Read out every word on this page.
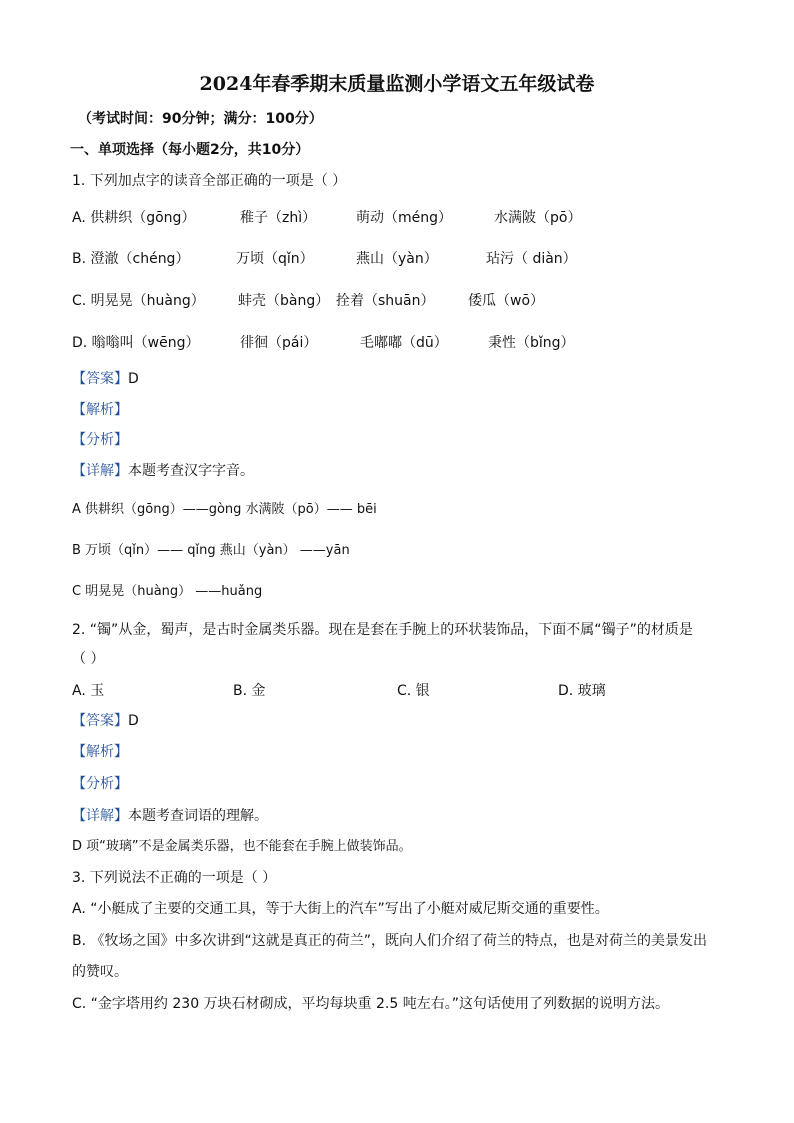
2024年春季期末质量监测小学语文五年级试卷
（考试时间：90分钟；满分：100分）
一、单项选择（每小题2分，共10分）
1. 下列加点字的读音全部正确的一项是（ ）
A. 供耕织（gōng）	稚子（zhì）	萌动（méng）	水满陂（pō）
B. 澄澈（chéng）	万顷（qǐn）	燕山（yàn）	玷污（ diàn）
C. 明晃晃（huàng） 蚌壳（bàng） 拴着（shuān） 倭瓜（wō）
D. 嗡嗡叫（wēng）	徘徊（pái）	毛嘟嘟（dū）	秉性（bǐng）
【答案】D
【解析】
【分析】
【详解】本题考查汉字字音。
A 供耕织（gōng）——gòng 水满陂（pō）—— bēi
B 万顷（qǐn）—— qǐng 燕山（yàn） ——yān
C 明晃晃（huàng） ——huǎng
2. “镯”从金，蜀声，是古时金属类乐器。现在是套在手腕上的环状装饰品，下面不属“镯子”的材质是
（ ）
A. 玉	B. 金	C. 银	D. 玻璃
【答案】D
【解析】
【分析】
【详解】本题考查词语的理解。
D 项“玻璃”不是金属类乐器，也不能套在手腕上做装饰品。
3. 下列说法不正确的一项是（ ）
A. “小艇成了主要的交通工具，等于大街上的汽车”写出了小艇对威尼斯交通的重要性。
B. 《牧场之国》中多次讲到“这就是真正的荷兰”，既向人们介绍了荷兰的特点，也是对荷兰的美景发出
的赞叹。
C. “金字塔用约 230 万块石材砌成，平均每块重 2.5 吨左右。”这句话使用了列数据的说明方法。
